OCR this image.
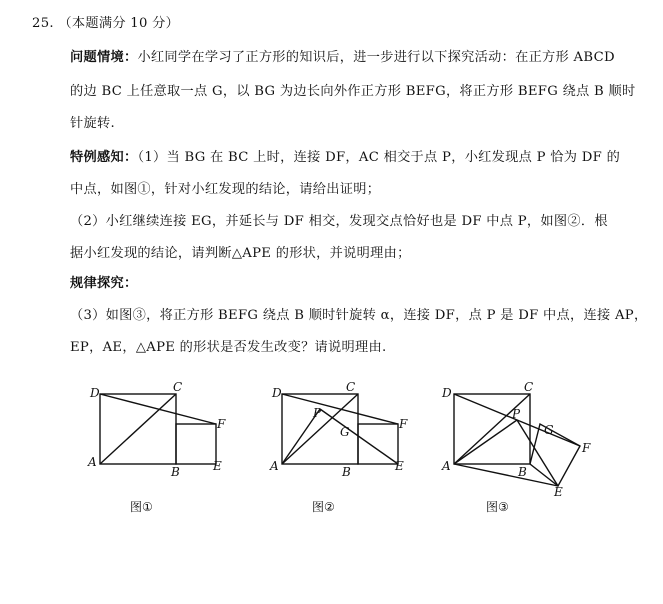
25. （本题满分 10 分）
问题情境：小红同学在学习了正方形的知识后，进一步进行以下探究活动：在正方形 ABCD
的边 BC 上任意取一点 G，以 BG 为边长向外作正方形 BEFG，将正方形 BEFG 绕点 B 顺时
针旋转.
特例感知：（1）当 BG 在 BC 上时，连接 DF，AC 相交于点 P，小红发现点 P 恰为 DF 的
中点，如图①，针对小红发现的结论，请给出证明；
（2）小红继续连接 EG，并延长与 DF 相交，发现交点恰好也是 DF 中点 P，如图②．根
据小红发现的结论，请判断△APE 的形状，并说明理由；
规律探究：
（3）如图③，将正方形 BEFG 绕点 B 顺时针旋转 α，连接 DF，点 P 是 DF 中点，连接 AP，
EP，AE，△APE 的形状是否发生改变？请说明理由.
D	C
F
A
B	E
图①
D	C
P
G
F
A	B	E
图②
D	C
P
G
F
A	B
E
图③
